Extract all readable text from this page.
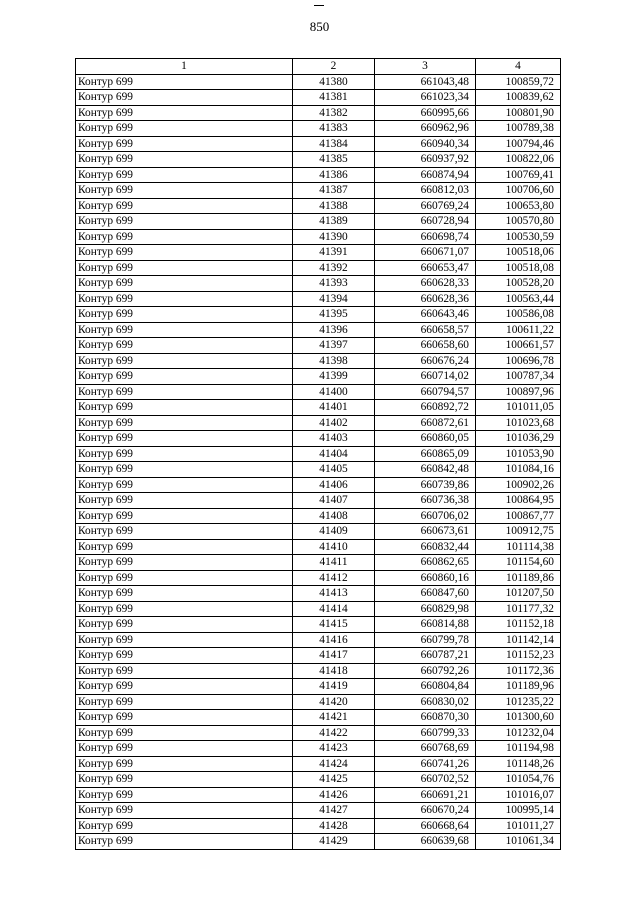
850
1	2	3	4
Контур 699	41380	661043,48	100859,72
Контур 699	41381	661023,34	100839,62
Контур 699	41382	660995,66	100801,90
Контур 699	41383	660962,96	100789,38
Контур 699	41384	660940,34	100794,46
Контур 699	41385	660937,92	100822,06
Контур 699	41386	660874,94	100769,41
Контур 699	41387	660812,03	100706,60
Контур 699	41388	660769,24	100653,80
Контур 699	41389	660728,94	100570,80
Контур 699	41390	660698,74	100530,59
Контур 699	41391	660671,07	100518,06
Контур 699	41392	660653,47	100518,08
Контур 699	41393	660628,33	100528,20
Контур 699	41394	660628,36	100563,44
Контур 699	41395	660643,46	100586,08
Контур 699	41396	660658,57	100611,22
Контур 699	41397	660658,60	100661,57
Контур 699	41398	660676,24	100696,78
Контур 699	41399	660714,02	100787,34
Контур 699	41400	660794,57	100897,96
Контур 699	41401	660892,72	101011,05
Контур 699	41402	660872,61	101023,68
Контур 699	41403	660860,05	101036,29
Контур 699	41404	660865,09	101053,90
Контур 699	41405	660842,48	101084,16
Контур 699	41406	660739,86	100902,26
Контур 699	41407	660736,38	100864,95
Контур 699	41408	660706,02	100867,77
Контур 699	41409	660673,61	100912,75
Контур 699	41410	660832,44	101114,38
Контур 699	41411	660862,65	101154,60
Контур 699	41412	660860,16	101189,86
Контур 699	41413	660847,60	101207,50
Контур 699	41414	660829,98	101177,32
Контур 699	41415	660814,88	101152,18
Контур 699	41416	660799,78	101142,14
Контур 699	41417	660787,21	101152,23
Контур 699	41418	660792,26	101172,36
Контур 699	41419	660804,84	101189,96
Контур 699	41420	660830,02	101235,22
Контур 699	41421	660870,30	101300,60
Контур 699	41422	660799,33	101232,04
Контур 699	41423	660768,69	101194,98
Контур 699	41424	660741,26	101148,26
Контур 699	41425	660702,52	101054,76
Контур 699	41426	660691,21	101016,07
Контур 699	41427	660670,24	100995,14
Контур 699	41428	660668,64	101011,27
Контур 699	41429	660639,68	101061,34
